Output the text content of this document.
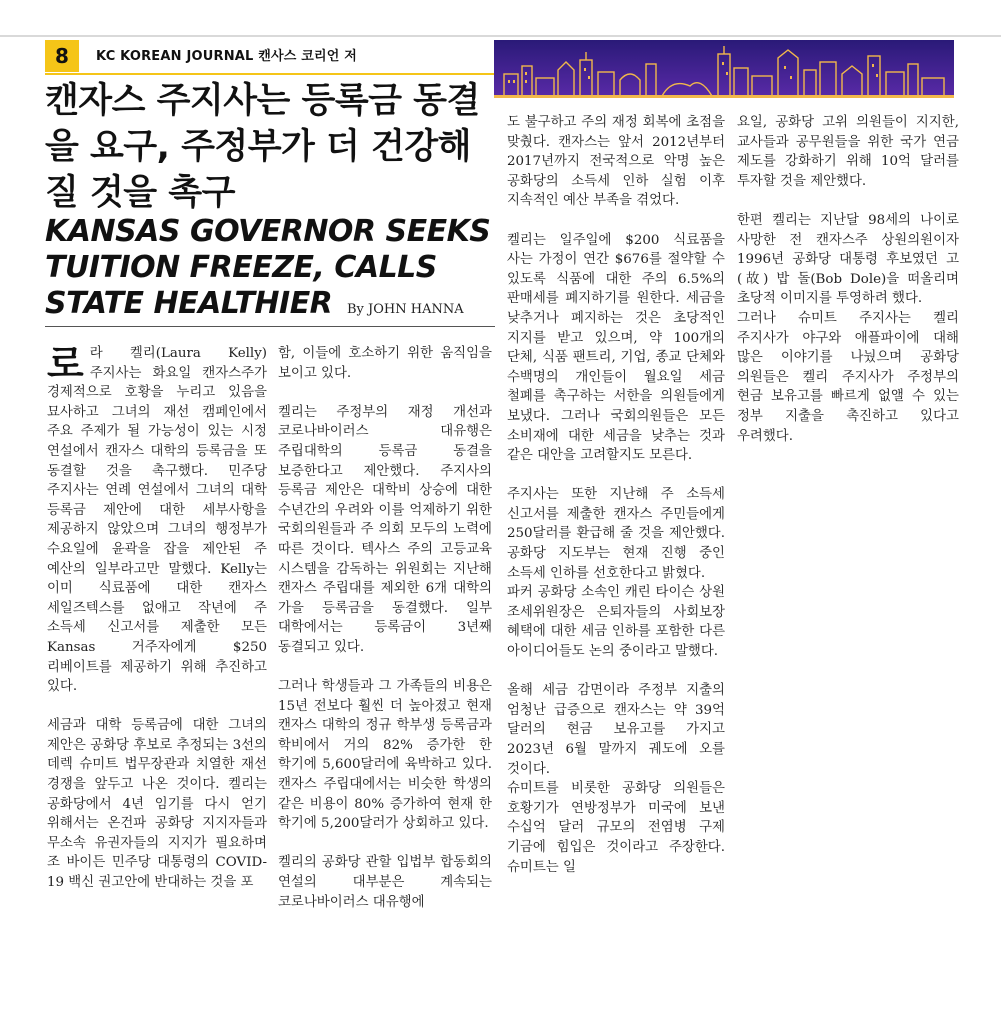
8	KC KOREAN JOURNAL 캔사스 코리언 저
캔자스 주지사는 등록금 동결을 요구, 주정부가 더 건강해 질 것을 촉구
KANSAS GOVERNOR SEEKS TUITION FREEZE, CALLS STATE HEALTHIER	By JOHN HANNA

로라 켈리(Laura Kelly) 주지사는 화요일 캔자스주가 경제적으로 호황을 누리고 있음을 묘사하고 그녀의 재선 캠페인에서 주요 주제가 될 가능성이 있는 시정 연설에서 캔자스 대학의 등록금을 또 동결할 것을 촉구했다. 민주당 주지사는 연례 연설에서 그녀의 대학 등록금 제안에 대한 세부사항을 제공하지 않았으며 그녀의 행정부가 수요일에 윤곽을 잡을 제안된 주 예산의 일부라고만 말했다. Kelly는 이미 식료품에 대한 캔자스 세일즈텍스를 없애고 작년에 주 소득세 신고서를 제출한 모든 Kansas 거주자에게 $250 리베이트를 제공하기 위해 추진하고 있다.

세금과 대학 등록금에 대한 그녀의 제안은 공화당 후보로 추정되는 3선의 데렉 슈미트 법무장관과 치열한 재선 경쟁을 앞두고 나온 것이다. 켈리는 공화당에서 4년 임기를 다시 얻기 위해서는 온건파 공화당 지지자들과 무소속 유권자들의 지지가 필요하며 조 바이든 민주당 대통령의 COVID-19 백신 권고안에 반대하는 것을 포

함, 이들에 호소하기 위한 움직임을 보이고 있다.

켈리는 주정부의 재정 개선과 코로나바이러스 대유행은 주립대학의 등록금 동결을 보증한다고 제안했다. 주지사의 등록금 제안은 대학비 상승에 대한 수년간의 우려와 이를 억제하기 위한 국회의원들과 주 의회 모두의 노력에 따른 것이다. 텍사스 주의 고등교육 시스템을 감독하는 위원회는 지난해 캔자스 주립대를 제외한 6개 대학의 가을 등록금을 동결했다. 일부 대학에서는 등록금이 3년째 동결되고 있다.

그러나 학생들과 그 가족들의 비용은 15년 전보다 훨씬 더 높아졌고 현재 캔자스 대학의 정규 학부생 등록금과 학비에서 거의 82% 증가한 한 학기에 5,600달러에 육박하고 있다. 캔자스 주립대에서는 비슷한 학생의 같은 비용이 80% 증가하여 현재 한 학기에 5,200달러가 상회하고 있다.

켈리의 공화당 관할 입법부 합동회의 연설의 대부분은 계속되는 코로나바이러스 대유행에

도 불구하고 주의 재정 회복에 초점을 맞췄다. 캔자스는 앞서 2012년부터 2017년까지 전국적으로 악명 높은 공화당의 소득세 인하 실험 이후 지속적인 예산 부족을 겪었다.

켈리는 일주일에 $200 식료품을 사는 가정이 연간 $676를 절약할 수 있도록 식품에 대한 주의 6.5%의 판매세를 폐지하기를 원한다. 세금을 낮추거나 폐지하는 것은 초당적인 지지를 받고 있으며, 약 100개의 단체, 식품 팬트리, 기업, 종교 단체와 수백명의 개인들이 월요일 세금 철폐를 촉구하는 서한을 의원들에게 보냈다. 그러나 국회의원들은 모든 소비재에 대한 세금을 낮추는 것과 같은 대안을 고려할지도 모른다.

주지사는 또한 지난해 주 소득세 신고서를 제출한 캔자스 주민들에게 250달러를 환급해 줄 것을 제안했다. 공화당 지도부는 현재 진행 중인 소득세 인하를 선호한다고 밝혔다.

파커 공화당 소속인 캐린 타이슨 상원 조세위원장은 은퇴자들의 사회보장 혜택에 대한 세금 인하를 포함한 다른 아이디어들도 논의 중이라고 말했다.

올해 세금 감면이라 주정부 지출의 엄청난 급증으로 캔자스는 약 39억 달러의 현금 보유고를 가지고 2023년 6월 말까지 궤도에 오를 것이다.

슈미트를 비롯한 공화당 의원들은 호황기가 연방정부가 미국에 보낸 수십억 달러 규모의 전염병 구제 기금에 힘입은 것이라고 주장한다. 슈미트는 일

요일, 공화당 고위 의원들이 지지한, 교사들과 공무원들을 위한 국가 연금 제도를 강화하기 위해 10억 달러를 투자할 것을 제안했다.

한편 켈리는 지난달 98세의 나이로 사망한 전 캔자스주 상원의원이자 1996년 공화당 대통령 후보였던 고(故) 밥 돌(Bob Dole)을 떠올리며 초당적 이미지를 투영하려 했다.

그러나 슈미트 주지사는 켈리 주지사가 야구와 애플파이에 대해 많은 이야기를 나눴으며 공화당 의원들은 켈리 주지사가 주정부의 현금 보유고를 빠르게 없앨 수 있는 정부 지출을 촉진하고 있다고 우려했다.
